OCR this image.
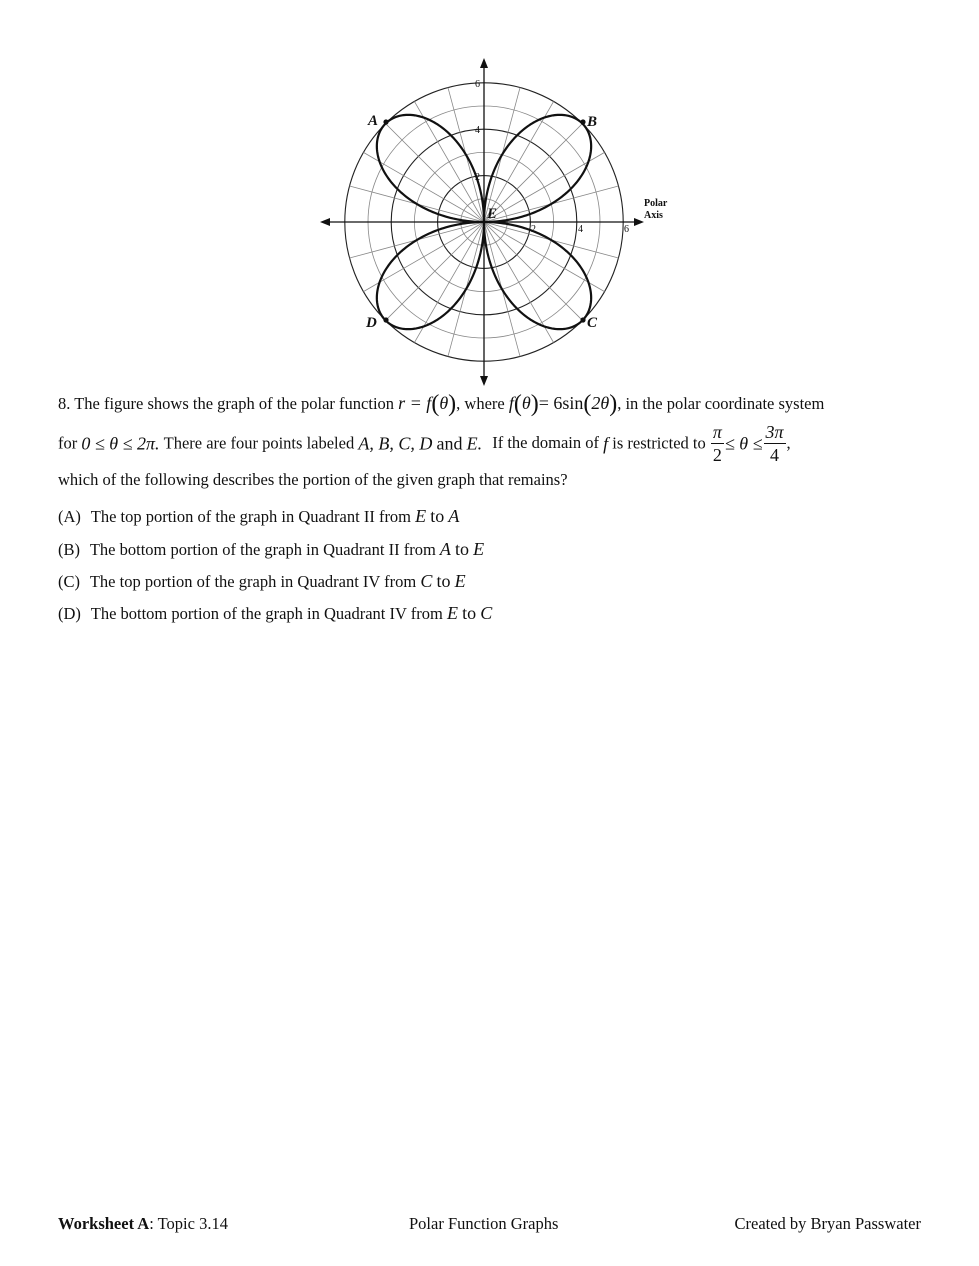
2	4	6
2
4
6
Polar
Axis
A	B
C
D
E
8. The figure shows the graph of the polar function r = f(θ), where f(θ)= 6sin(2θ), in the polar coordinate system
for 0 ≤ θ ≤ 2π. There are four points labeled A, B, C, D and E. If the domain of f is restricted to $\frac{\pi}{2} \le \theta \le \frac{3\pi}{4}$ ,
which of the following describes the portion of the given graph that remains?
(A) The top portion of the graph in Quadrant II from E to A
(B) The bottom portion of the graph in Quadrant II from A to E
(C) The top portion of the graph in Quadrant IV from C to E
(D) The bottom portion of the graph in Quadrant IV from E to C
Worksheet A: Topic 3.14	Polar Function Graphs	Created by Bryan Passwater
